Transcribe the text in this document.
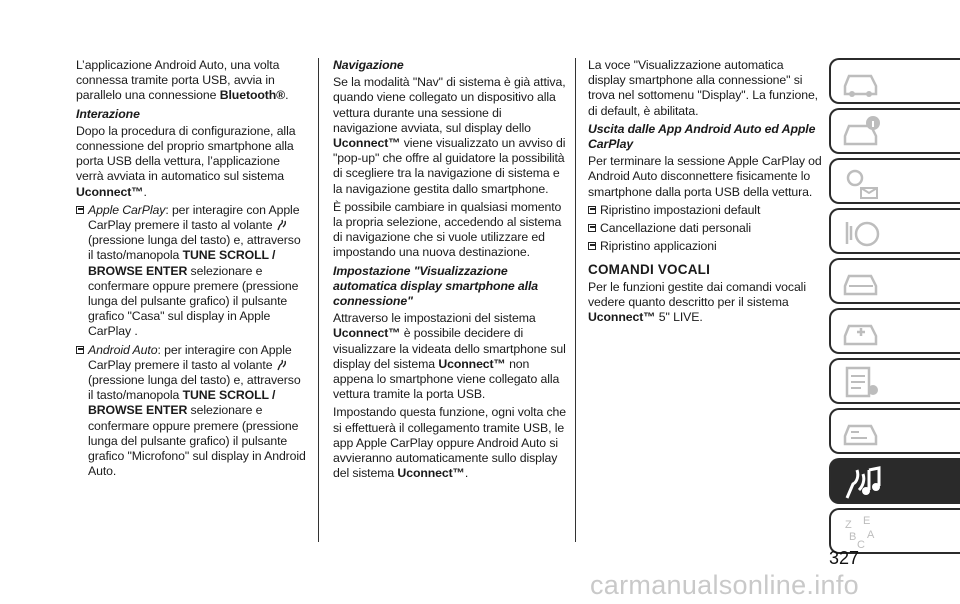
L’applicazione Android Auto, una volta connessa tramite porta USB, avvia in parallelo una connessione Bluetooth®.

Interazione

Dopo la procedura di configurazione, alla connessione del proprio smartphone alla porta USB della vettura, l’applicazione verrà avviata in automatico sul sistema Uconnect™.

Apple CarPlay: per interagire con Apple CarPlay premere il tasto al volante  (pressione lunga del tasto) e, attraverso il tasto/manopola TUNE SCROLL / BROWSE ENTER selezionare e confermare oppure premere (pressione lunga del pulsante grafico) il pulsante grafico "Casa" sul display in Apple CarPlay .
Android Auto: per interagire con Apple CarPlay premere il tasto al volante  (pressione lunga del tasto) e, attraverso il tasto/manopola TUNE SCROLL / BROWSE ENTER selezionare e confermare oppure premere (pressione lunga del pulsante grafico) il pulsante grafico "Microfono" sul display in Android Auto.

Navigazione

Se la modalità "Nav" di sistema è già attiva, quando viene collegato un dispositivo alla vettura durante una sessione di navigazione avviata, sul display dello Uconnect™ viene visualizzato un avviso di "pop-up" che offre al guidatore la possibilità di scegliere tra la navigazione di sistema e la navigazione gestita dallo smartphone.

È possibile cambiare in qualsiasi momento la propria selezione, accedendo al sistema di navigazione che si vuole utilizzare ed impostando una nuova destinazione.

Impostazione "Visualizzazione automatica display smartphone alla connessione"

Attraverso le impostazioni del sistema Uconnect™ è possibile decidere di visualizzare la videata dello smartphone sul display del sistema Uconnect™ non appena lo smartphone viene collegato alla vettura tramite la porta USB.

Impostando questa funzione, ogni volta che si effettuerà il collegamento tramite USB, le app Apple CarPlay oppure Android Auto si avvieranno automaticamente sullo display del sistema Uconnect™.

La voce "Visualizzazione automatica display smartphone alla connessione" si trova nel sottomenu "Display". La funzione, di default, è abilitata.

Uscita dalle App Android Auto ed Apple CarPlay

Per terminare la sessione Apple CarPlay od Android Auto disconnettere fisicamente lo smartphone dalla porta USB della vettura.

Ripristino impostazioni default
Cancellazione dati personali
Ripristino applicazioni

COMANDI VOCALI

Per le funzioni gestite dai comandi vocali vedere quanto descritto per il sistema Uconnect™ 5" LIVE.

Z E
B A
C
327
carmanualsonline.info
